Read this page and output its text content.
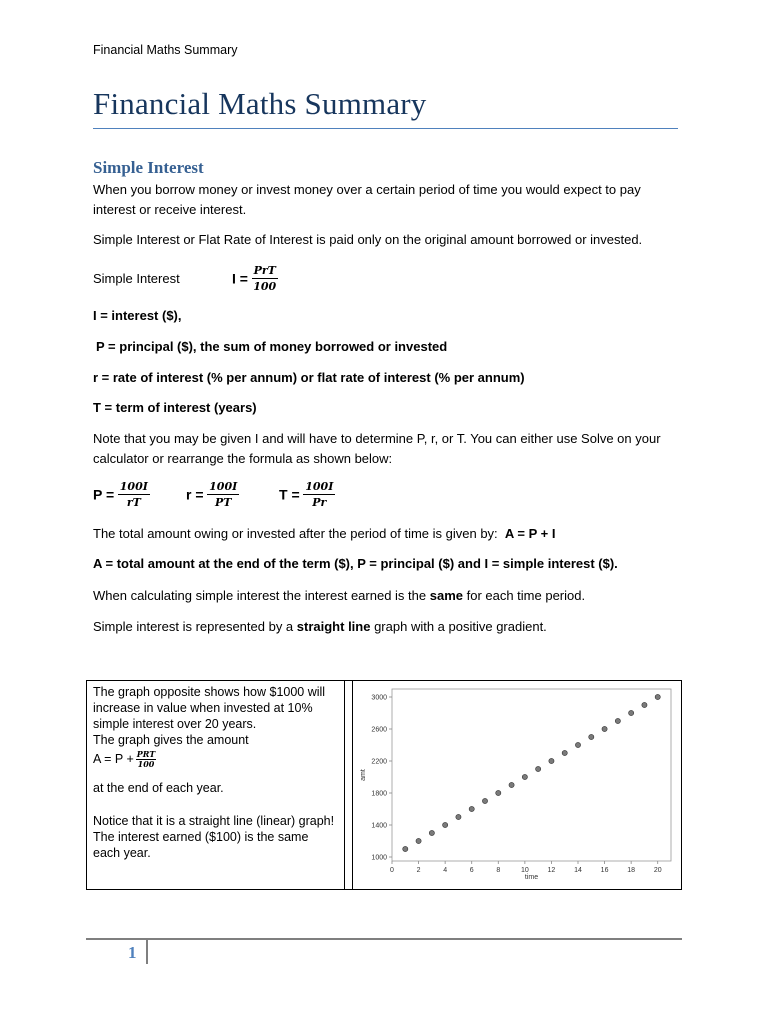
Financial Maths Summary
Financial Maths Summary
Simple Interest
When you borrow money or invest money over a certain period of time you would expect to pay interest or receive interest.
Simple Interest or Flat Rate of Interest is paid only on the original amount borrowed or invested.
Simple Interest	$I = \frac{\text{PrT}}{100}$
I = interest ($),
P = principal ($), the sum of money borrowed or invested
r = rate of interest (% per annum) or flat rate of interest (% per annum)
T = term of interest (years)
Note that you may be given I and will have to determine P, r, or T. You can either use Solve on your calculator or rearrange the formula as shown below:
$P = \frac{100I}{rT}$	$r = \frac{100I}{PT}$	$T = \frac{100I}{Pr}$
The total amount owing or invested after the period of time is given by: A = P + I
A = total amount at the end of the term ($), P = principal ($) and I = simple interest ($).
When calculating simple interest the interest earned is the same for each time period.
Simple interest is represented by a straight line graph with a positive gradient.
The graph opposite shows how $1000 will increase in value when invested at 10% simple interest over 20 years.
The graph gives the amount
$A = P + \frac{\text{PRT}}{100}$
at the end of each year.
Notice that it is a straight line (linear) graph!
The interest earned ($100) is the same each year.	1000
1400
1800
2200
2600
3000
0	2	4	6	8	10	12	14	16	18	20
time
amt
1
